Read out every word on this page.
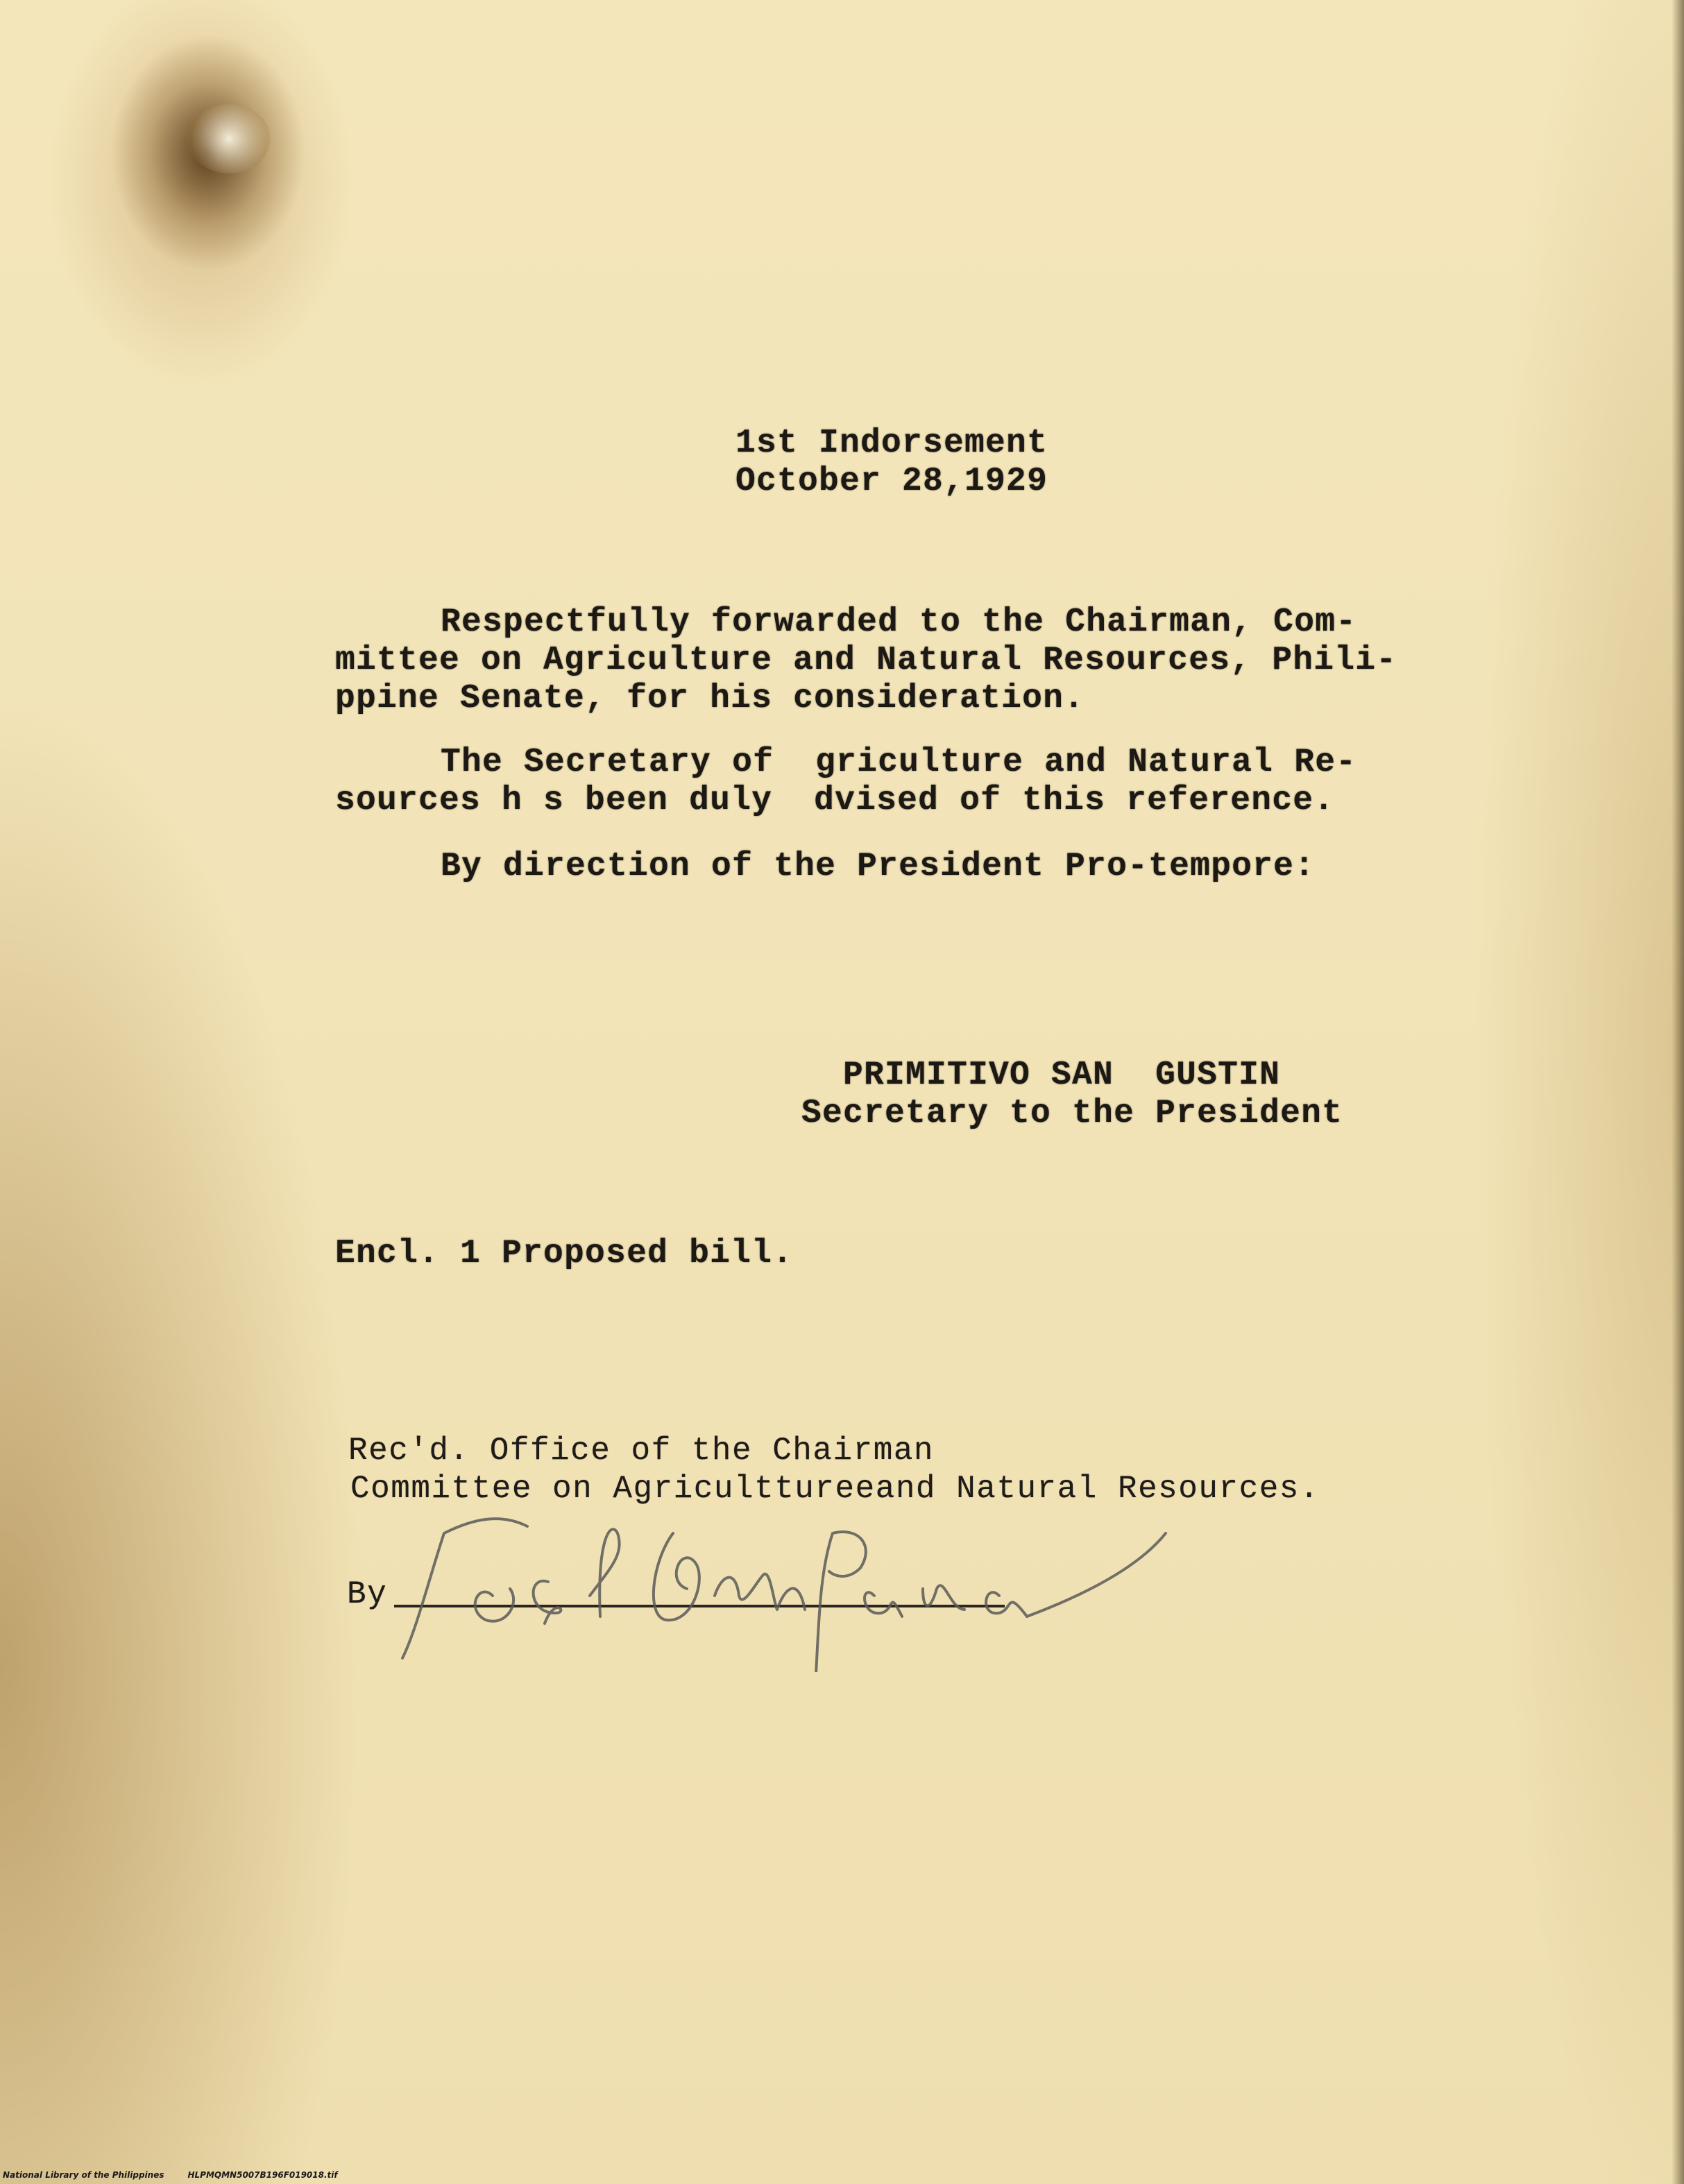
1st Indorsement
October 28,1929
Respectfully forwarded to the Chairman, Com-
mittee on Agriculture and Natural Resources, Phili-
ppine Senate, for his consideration.
The Secretary of  griculture and Natural Re-
sources h s been duly  dvised of this reference.
By direction of the President Pro-tempore:
PRIMITIVO SAN  GUSTIN
Secretary to the President
Encl. 1 Proposed bill.
Rec'd. Office of the Chairman
Committee on Agriculttureeand Natural Resources.
By
National Library of the Philippines	HLPMQMN5007B196F019018.tif
